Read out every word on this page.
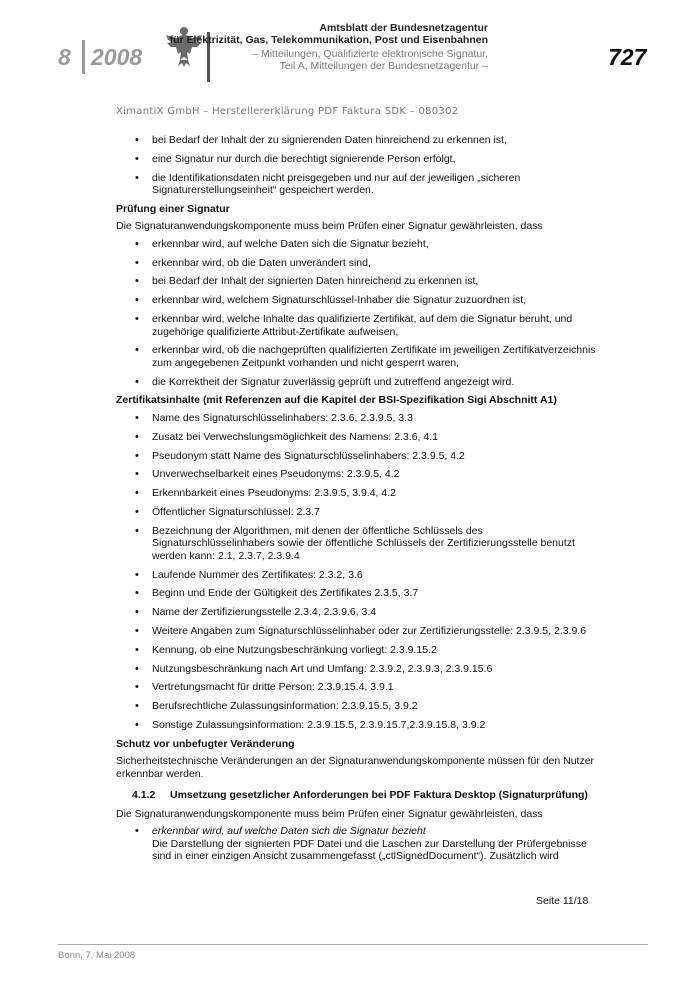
8 2008
Amtsblatt der Bundesnetzagentur
für Elektrizität, Gas, Telekommunikation, Post und Eisenbahnen
– Mitteilungen, Qualifizierte elektronische Signatur,
Teil A, Mitteilungen der Bundesnetzagentur –	727
XimantiX GmbH – Herstellererklärung PDF Faktura SDK – 080302
• bei Bedarf der Inhalt der zu signierenden Daten hinreichend zu erkennen ist,
• eine Signatur nur durch die berechtigt signierende Person erfolgt,
• die Identifikationsdaten nicht preisgegeben und nur auf der jeweiligen „sicheren Signaturerstellungseinheit“ gespeichert werden.
Prüfung einer Signatur

Die Signaturanwendungskomponente muss beim Prüfen einer Signatur gewährleisten, dass

• erkennbar wird, auf welche Daten sich die Signatur bezieht,
• erkennbar wird, ob die Daten unverändert sind,
• bei Bedarf der Inhalt der signierten Daten hinreichend zu erkennen ist,
• erkennbar wird, welchem Signaturschlüssel-Inhaber die Signatur zuzuordnen ist,
• erkennbar wird, welche Inhalte das qualifizierte Zertifikat, auf dem die Signatur beruht, und zugehörige qualifizierte Attribut-Zertifikate aufweisen,
• erkennbar wird, ob die nachgeprüften qualifizierten Zertifikate im jeweiligen Zertifikatverzeichnis zum angegebenen Zeitpunkt vorhanden und nicht gesperrt waren,
• die Korrektheit der Signatur zuverlässig geprüft und zutreffend angezeigt wird.
Zertifikatsinhalte (mit Referenzen auf die Kapitel der BSI-Spezifikation Sigi Abschnitt A1)
• Name des Signaturschlüsselinhabers: 2.3.6, 2.3.9.5, 3.3
• Zusatz bei Verwechslungsmöglichkeit des Namens: 2.3.6, 4.1
• Pseudonym statt Name des Signaturschlüsselinhabers: 2.3.9.5, 4.2
• Unverwechselbarkeit eines Pseudonyms: 2.3.9.5, 4.2
• Erkennbarkeit eines Pseudonyms: 2.3.9.5, 3.9.4, 4.2
• Öffentlicher Signaturschlüssel: 2.3.7
• Bezeichnung der Algorithmen, mit denen der öffentliche Schlüssels des Signaturschlüsselinhabers sowie der öffentliche Schlüssels der Zertifizierungsstelle benutzt werden kann: 2.1, 2.3.7, 2.3.9.4
• Laufende Nummer des Zertifikates: 2.3.2, 3.6
• Beginn und Ende der Gültigkeit des Zertifikates 2.3.5, 3.7
• Name der Zertifizierungsstelle 2.3.4, 2.3.9.6, 3.4
• Weitere Angaben zum Signaturschlüsselinhaber oder zur Zertifizierungsstelle: 2.3.9.5, 2.3.9.6
• Kennung, ob eine Nutzungsbeschränkung vorliegt: 2.3.9.15.2
• Nutzungsbeschränkung nach Art und Umfang: 2.3.9.2, 2.3.9.3, 2.3.9.15.6
• Vertretungsmacht für dritte Person: 2.3.9.15.4, 3.9.1
• Berufsrechtliche Zulassungsinformation: 2.3.9.15.5, 3.9.2
• Sonstige Zulassungsinformation: 2.3.9.15.5, 2.3.9.15.7,2.3.9.15.8, 3.9.2
Schutz vor unbefugter Veränderung

Sicherheitstechnische Veränderungen an der Signaturanwendungskomponente müssen für den Nutzer erkennbar werden.

4.1.2 Umsetzung gesetzlicher Anforderungen bei PDF Faktura Desktop (Signaturprüfung)

Die Signaturanwendungskomponente muss beim Prüfen einer Signatur gewährleisten, dass

• erkennbar wird, auf welche Daten sich die Signatur bezieht
Die Darstellung der signierten PDF Datei und die Laschen zur Darstellung der Prüfergebnisse sind in einer einzigen Ansicht zusammengefasst („ctlSignedDocument“). Zusätzlich wird
Seite 11/18
Bonn, 7. Mai 2008
